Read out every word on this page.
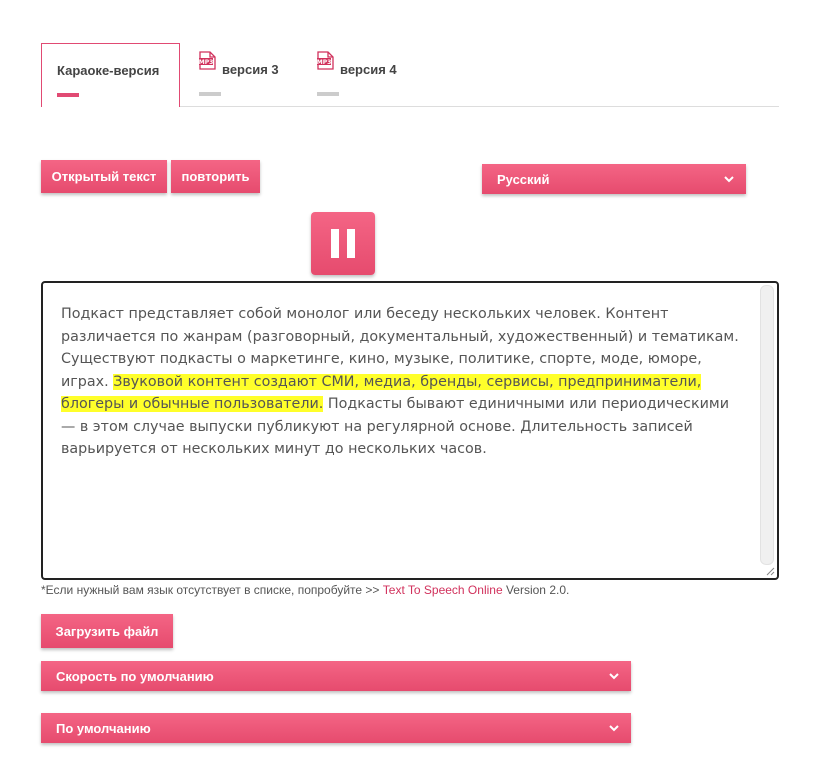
Караоке-версия
MP3 версия 3	MP3 версия 4
Открытый текст	повторить	Русский
Подкаст представляет собой монолог или беседу нескольких человек. Контент различается по жанрам (разговорный, документальный, художественный) и тематикам. Существуют подкасты о маркетинге, кино, музыке, политике, спорте, моде, юморе, играх. Звуковой контент создают СМИ, медиа, бренды, сервисы, предприниматели, блогеры и обычные пользователи. Подкасты бывают единичными или периодическими — в этом случае выпуски публикуют на регулярной основе. Длительность записей варьируется от нескольких минут до нескольких часов.
*Если нужный вам язык отсутствует в списке, попробуйте >> Text To Speech Online Version 2.0.
Загрузить файл
Скорость по умолчанию
По умолчанию
